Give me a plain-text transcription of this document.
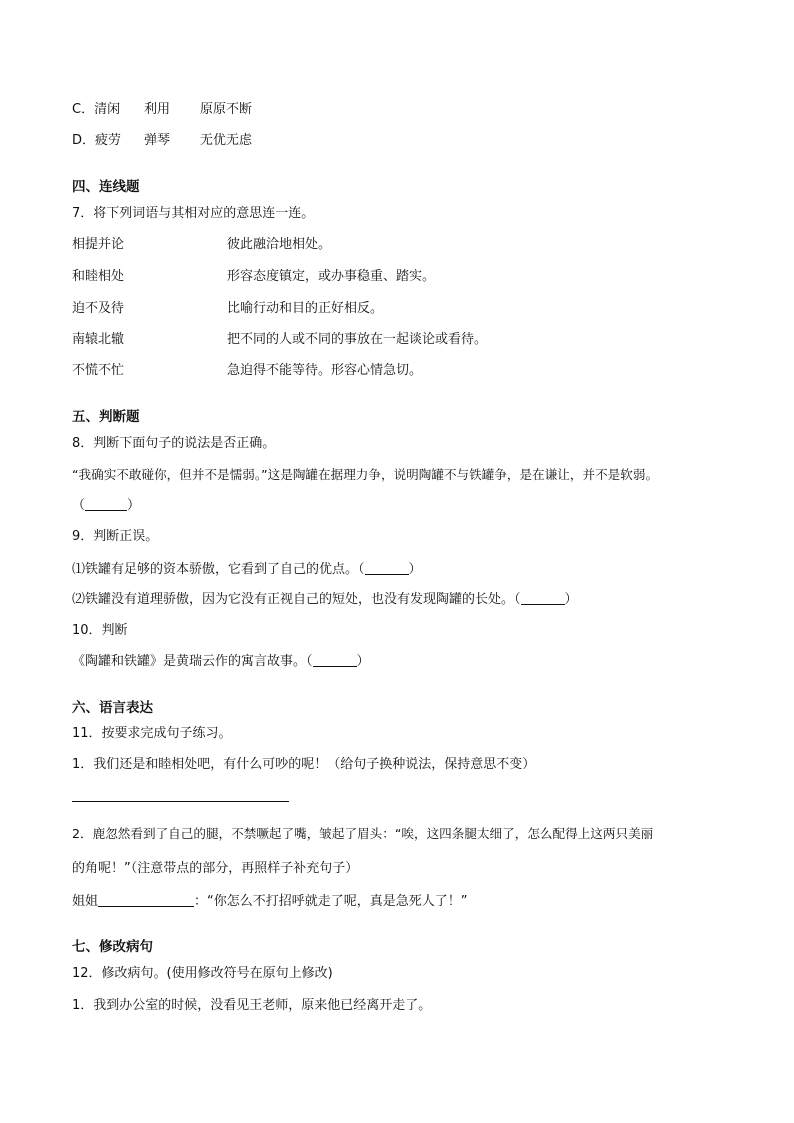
C．清闲 利用 原原不断
D．疲劳 弹琴 无优无虑
四、连线题
7．将下列词语与其相对应的意思连一连。
相提并论	彼此融洽地相处。
和睦相处	形容态度镇定，或办事稳重、踏实。
迫不及待	比喻行动和目的正好相反。
南辕北辙	把不同的人或不同的事放在一起谈论或看待。
不慌不忙	急迫得不能等待。形容心情急切。
五、判断题
8．判断下面句子的说法是否正确。
“我确实不敢碰你，但并不是懦弱。”这是陶罐在据理力争，说明陶罐不与铁罐争，是在谦让，并不是软弱。
（	）
9．判断正误。
⑴铁罐有足够的资本骄傲，它看到了自己的优点。（	）
⑵铁罐没有道理骄傲，因为它没有正视自己的短处，也没有发现陶罐的长处。（	）
10．判断
《陶罐和铁罐》是黄瑞云作的寓言故事。（	）
六、语言表达
11．按要求完成句子练习。
1．我们还是和睦相处吧，有什么可吵的呢！（给句子换种说法，保持意思不变）
2．鹿忽然看到了自己的腿，不禁噘起了嘴，皱起了眉头：“唉，这四条腿太细了，怎么配得上这两只美丽
的角呢！”（注意带点的部分，再照样子补充句子）
姐姐	：“你怎么不打招呼就走了呢，真是急死人了！”
七、修改病句
12．修改病句。(使用修改符号在原句上修改)
1．我到办公室的时候，没看见王老师，原来他已经离开走了。
